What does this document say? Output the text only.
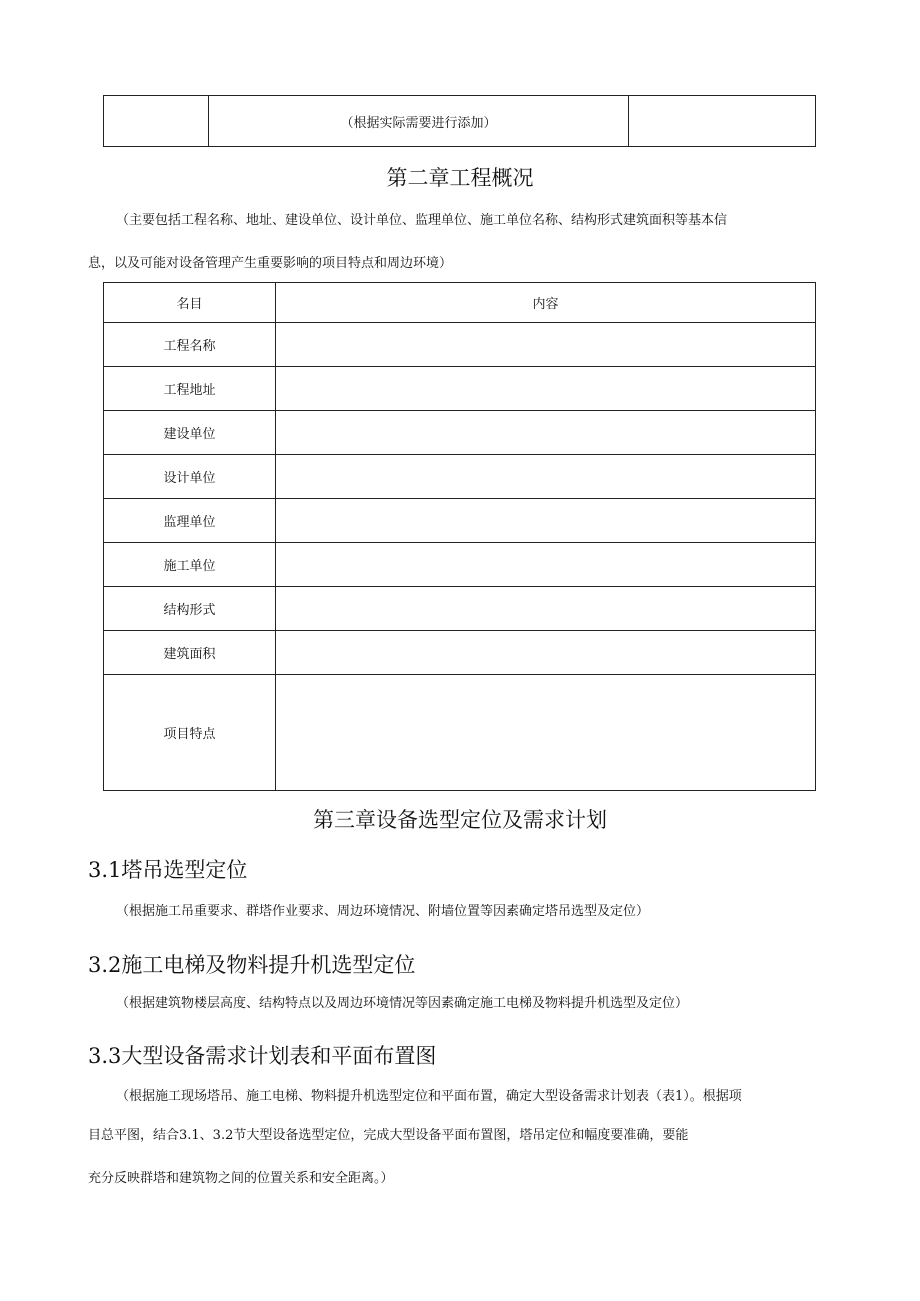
	（根据实际需要进行添加）	
第二章工程概况
（主要包括工程名称、地址、建设单位、设计单位、监理单位、施工单位名称、结构形式建筑面积等基本信
息，以及可能对设备管理产生重要影响的项目特点和周边环境）
名目	内容
工程名称	
工程地址	
建设单位	
设计单位	
监理单位	
施工单位	
结构形式	
建筑面积	
项目特点	
第三章设备选型定位及需求计划
3.1塔吊选型定位
（根据施工吊重要求、群塔作业要求、周边环境情况、附墙位置等因素确定塔吊选型及定位）
3.2施工电梯及物料提升机选型定位
（根据建筑物楼层高度、结构特点以及周边环境情况等因素确定施工电梯及物料提升机选型及定位）
3.3大型设备需求计划表和平面布置图
（根据施工现场塔吊、施工电梯、物料提升机选型定位和平面布置，确定大型设备需求计划表（表1）。根据项
目总平图，结合3.1、3.2节大型设备选型定位，完成大型设备平面布置图，塔吊定位和幅度要准确，要能
充分反映群塔和建筑物之间的位置关系和安全距离。）
